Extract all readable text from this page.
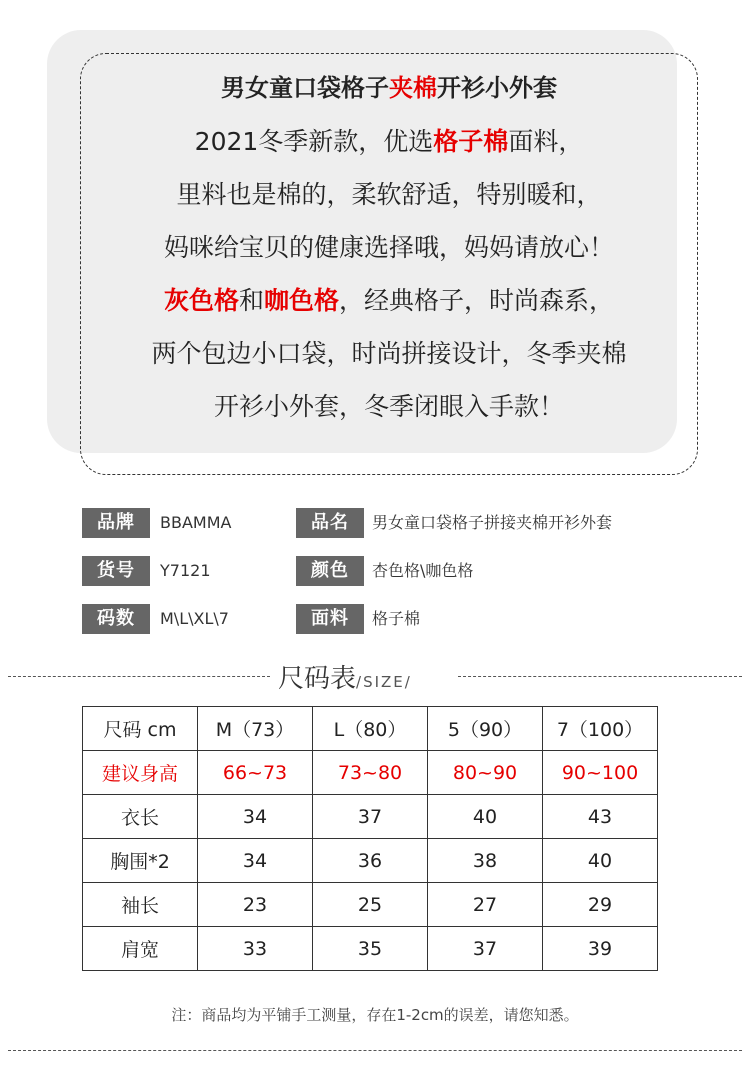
男女童口袋格子夹棉开衫小外套
2021冬季新款，优选格子棉面料，
里料也是棉的，柔软舒适，特别暖和，
妈咪给宝贝的健康选择哦，妈妈请放心！
灰色格和咖色格，经典格子，时尚森系，
两个包边小口袋，时尚拼接设计，冬季夹棉
开衫小外套，冬季闭眼入手款！
品牌	BBAMMA	品名	男女童口袋格子拼接夹棉开衫外套
货号	Y7121	颜色	杏色格\咖色格
码数	M\L\XL\7	面料	格子棉
尺码表/SIZE/
尺码 cm	M（73）	L（80）	5（90）	7（100）
建议身高	66~73	73~80	80~90	90~100
衣长	34	37	40	43
胸围*2	34	36	38	40
袖长	23	25	27	29
肩宽	33	35	37	39
注：商品均为平铺手工测量，存在1-2cm的误差，请您知悉。
